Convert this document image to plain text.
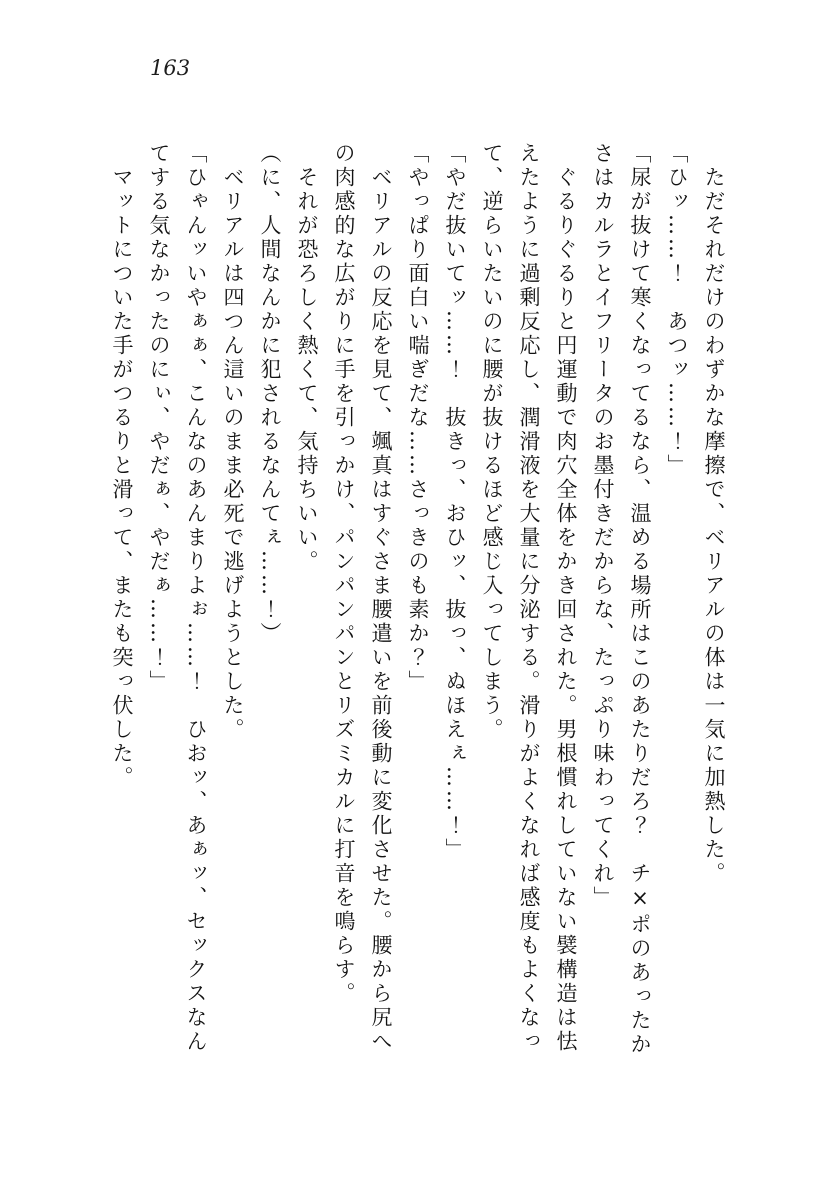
163
　ただそれだけのわずかな摩擦で、ベリアルの体は一気に加熱した。
「ひッ……！　あつッ……！」
「尿が抜けて寒くなってるなら、温める場所はこのあたりだろ？　チ×ポのあったか
さはカルラとイフリータのお墨付きだからな、たっぷり味わってくれ」
　ぐるりぐるりと円運動で肉穴全体をかき回された。男根慣れしていない襞構造は怯
えたように過剰反応し、潤滑液を大量に分泌する。滑りがよくなれば感度もよくなっ
て、逆らいたいのに腰が抜けるほど感じ入ってしまう。
「やだ抜いてッ……！　抜きっ、おひッ、抜っ、ぬほえぇ……！」
「やっぱり面白い喘ぎだな……さっきのも素か？」
　ベリアルの反応を見て、颯真はすぐさま腰遣いを前後動に変化させた。腰から尻へ
の肉感的な広がりに手を引っかけ、パンパンパンとリズミカルに打音を鳴らす。
　それが恐ろしく熱くて、気持ちいい。
（に、人間なんかに犯されるなんてぇ……！）
　ベリアルは四つん這いのまま必死で逃げようとした。
「ひゃんッいやぁぁ、こんなのあんまりよぉ……！　ひおッ、あぁッ、セックスなん
てする気なかったのにぃ、やだぁ、やだぁ……！」
　マットについた手がつるりと滑って、またも突っ伏した。
